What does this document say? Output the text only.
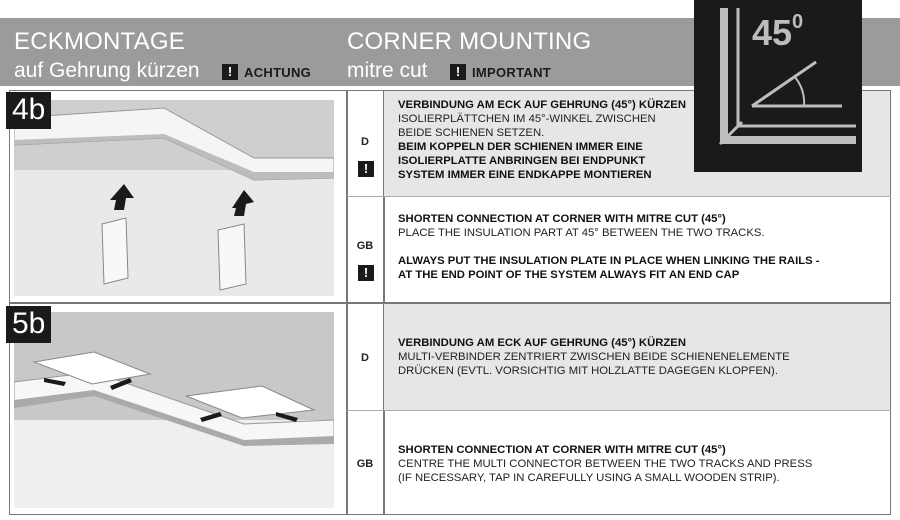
ECKMONTAGE
auf Gehrung kürzen	! ACHTUNG
CORNER MOUNTING
mitre cut	! IMPORTANT
4b
5b
D
!
GB
!
D
GB
VERBINDUNG AM ECK AUF GEHRUNG (45°) KÜRZEN
ISOLIERPLÄTTCHEN IM 45°-WINKEL ZWISCHEN
BEIDE SCHIENEN SETZEN.
BEIM KOPPELN DER SCHIENEN IMMER EINE
ISOLIERPLATTE ANBRINGEN BEI ENDPUNKT
SYSTEM IMMER EINE ENDKAPPE MONTIEREN
SHORTEN CONNECTION AT CORNER WITH MITRE CUT (45°)
PLACE THE INSULATION PART AT 45° BETWEEN THE TWO TRACKS.
ALWAYS PUT THE INSULATION PLATE IN PLACE WHEN LINKING THE RAILS -
AT THE END POINT OF THE SYSTEM ALWAYS FIT AN END CAP
VERBINDUNG AM ECK AUF GEHRUNG (45°) KÜRZEN
MULTI-VERBINDER ZENTRIERT ZWISCHEN BEIDE SCHIENENELEMENTE
DRÜCKEN (EVTL. VORSICHTIG MIT HOLZLATTE DAGEGEN KLOPFEN).
SHORTEN CONNECTION AT CORNER WITH MITRE CUT (45°)
CENTRE THE MULTI CONNECTOR BETWEEN THE TWO TRACKS AND PRESS
(IF NECESSARY, TAP IN CAREFULLY USING A SMALL WOODEN STRIP).
$45^0$
